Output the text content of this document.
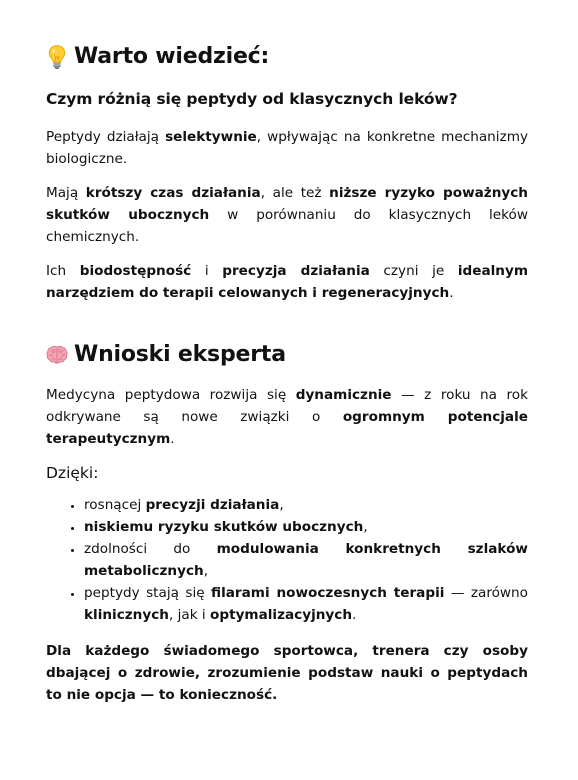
Warto wiedzieć:
Czym różnią się peptydy od klasycznych leków?

Peptydy działają selektywnie, wpływając na konkretne mechanizmy biologiczne.

Mają krótszy czas działania, ale też niższe ryzyko poważnych skutków ubocznych w porównaniu do klasycznych leków chemicznych.

Ich biodostępność i precyzja działania czyni je idealnym narzędziem do terapii celowanych i regeneracyjnych.

Wnioski eksperta

Medycyna peptydowa rozwija się dynamicznie — z roku na rok odkrywane są nowe związki o ogromnym potencjale terapeutycznym.

Dzięki:

• rosnącej precyzji działania,
• niskiemu ryzyku skutków ubocznych,
• zdolności do modulowania konkretnych szlaków metabolicznych,
• peptydy stają się filarami nowoczesnych terapii — zarówno klinicznych, jak i optymalizacyjnych.

Dla każdego świadomego sportowca, trenera czy osoby dbającej o zdrowie, zrozumienie podstaw nauki o peptydach to nie opcja — to konieczność.
